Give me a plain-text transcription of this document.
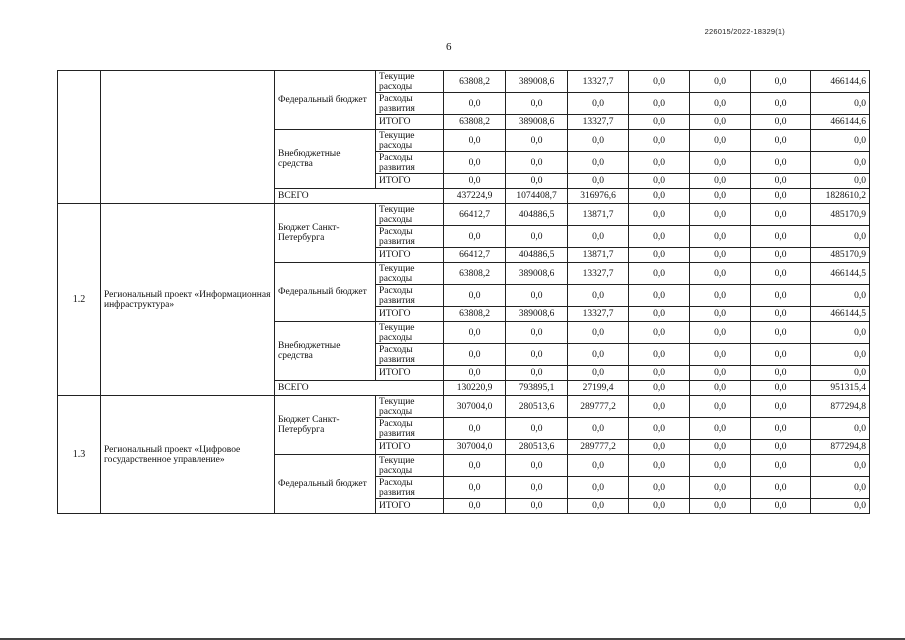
226015/2022-18329(1)
6
		Федеральный бюджет	Текущие расходы	63808,2	389008,6	13327,7	0,0	0,0	0,0	466144,6
			Расходы развития	0,0	0,0	0,0	0,0	0,0	0,0	0,0
			ИТОГО	63808,2	389008,6	13327,7	0,0	0,0	0,0	466144,6
		Внебюджетные средства	Текущие расходы	0,0	0,0	0,0	0,0	0,0	0,0	0,0
			Расходы развития	0,0	0,0	0,0	0,0	0,0	0,0	0,0
			ИТОГО	0,0	0,0	0,0	0,0	0,0	0,0	0,0
		ВСЕГО		437224,9	1074408,7	316976,6	0,0	0,0	0,0	1828610,2
1.2	Региональный проект «Информационная инфраструктура»	Бюджет Санкт-Петербурга	Текущие расходы	66412,7	404886,5	13871,7	0,0	0,0	0,0	485170,9
			Расходы развития	0,0	0,0	0,0	0,0	0,0	0,0	0,0
			ИТОГО	66412,7	404886,5	13871,7	0,0	0,0	0,0	485170,9
		Федеральный бюджет	Текущие расходы	63808,2	389008,6	13327,7	0,0	0,0	0,0	466144,5
			Расходы развития	0,0	0,0	0,0	0,0	0,0	0,0	0,0
			ИТОГО	63808,2	389008,6	13327,7	0,0	0,0	0,0	466144,5
		Внебюджетные средства	Текущие расходы	0,0	0,0	0,0	0,0	0,0	0,0	0,0
			Расходы развития	0,0	0,0	0,0	0,0	0,0	0,0	0,0
			ИТОГО	0,0	0,0	0,0	0,0	0,0	0,0	0,0
		ВСЕГО		130220,9	793895,1	27199,4	0,0	0,0	0,0	951315,4
1.3	Региональный проект «Цифровое государственное управление»	Бюджет Санкт-Петербурга	Текущие расходы	307004,0	280513,6	289777,2	0,0	0,0	0,0	877294,8
			Расходы развития	0,0	0,0	0,0	0,0	0,0	0,0	0,0
			ИТОГО	307004,0	280513,6	289777,2	0,0	0,0	0,0	877294,8
		Федеральный бюджет	Текущие расходы	0,0	0,0	0,0	0,0	0,0	0,0	0,0
			Расходы развития	0,0	0,0	0,0	0,0	0,0	0,0	0,0
			ИТОГО	0,0	0,0	0,0	0,0	0,0	0,0	0,0
